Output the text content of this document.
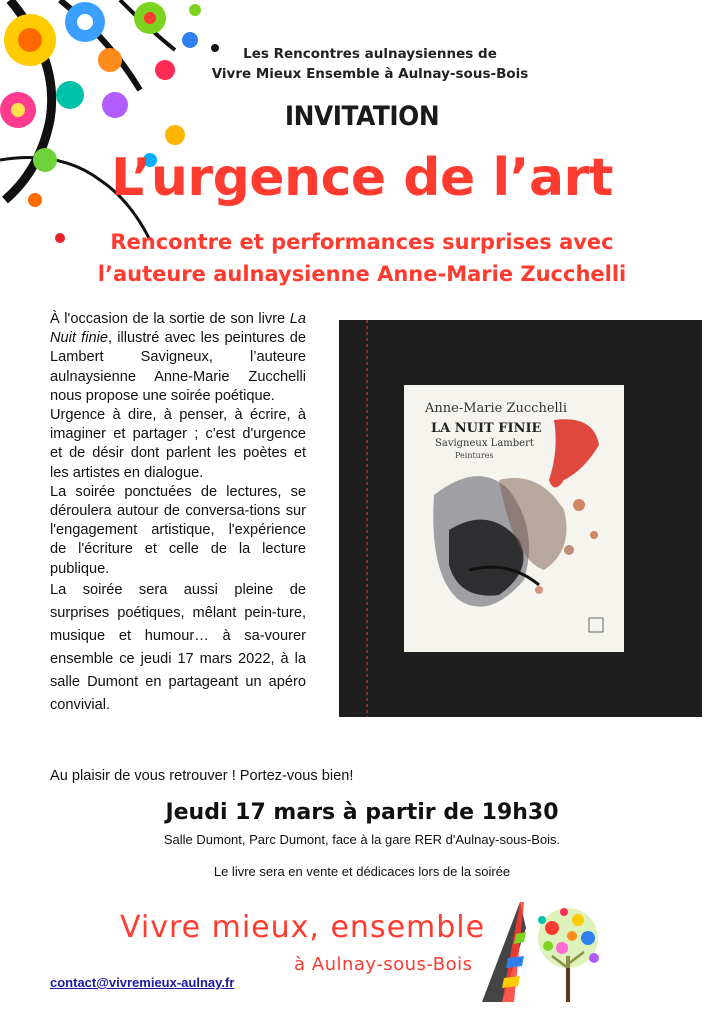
Les Rencontres aulnaysiennes de
Vivre Mieux Ensemble à Aulnay-sous-Bois
INVITATION
L’urgence de l’art
Rencontre et performances surprises avec
l’auteure aulnaysienne Anne-Marie Zucchelli

À l'occasion de la sortie de son livre La Nuit finie, illustré avec les peintures de Lambert Savigneux, l’auteure aulnaysienne Anne-Marie Zucchelli nous propose une soirée poétique.

Urgence à dire, à penser, à écrire, à imaginer et partager ; c'est d'urgence et de désir dont parlent les poètes et les artistes en dialogue.

La soirée ponctuées de lectures, se déroulera autour de conversa-tions sur l'engagement artistique, l'expérience de l'écriture et celle de la lecture publique.

La soirée sera aussi pleine de surprises poétiques, mêlant pein-ture, musique et humour… à sa-vourer ensemble ce jeudi 17 mars 2022, à la salle Dumont en partageant un apéro convivial.

Au plaisir de vous retrouver ! Portez-vous bien!
Anne-Marie Zucchelli
LA NUIT FINIE
Savigneux Lambert
Peintures
Jeudi 17 mars à partir de 19h30
Salle Dumont, Parc Dumont, face à la gare RER d'Aulnay-sous-Bois.
Le livre sera en vente et dédicaces lors de la soirée
Vivre mieux, ensemble
à Aulnay-sous-Bois
contact@vivremieux-aulnay.fr
